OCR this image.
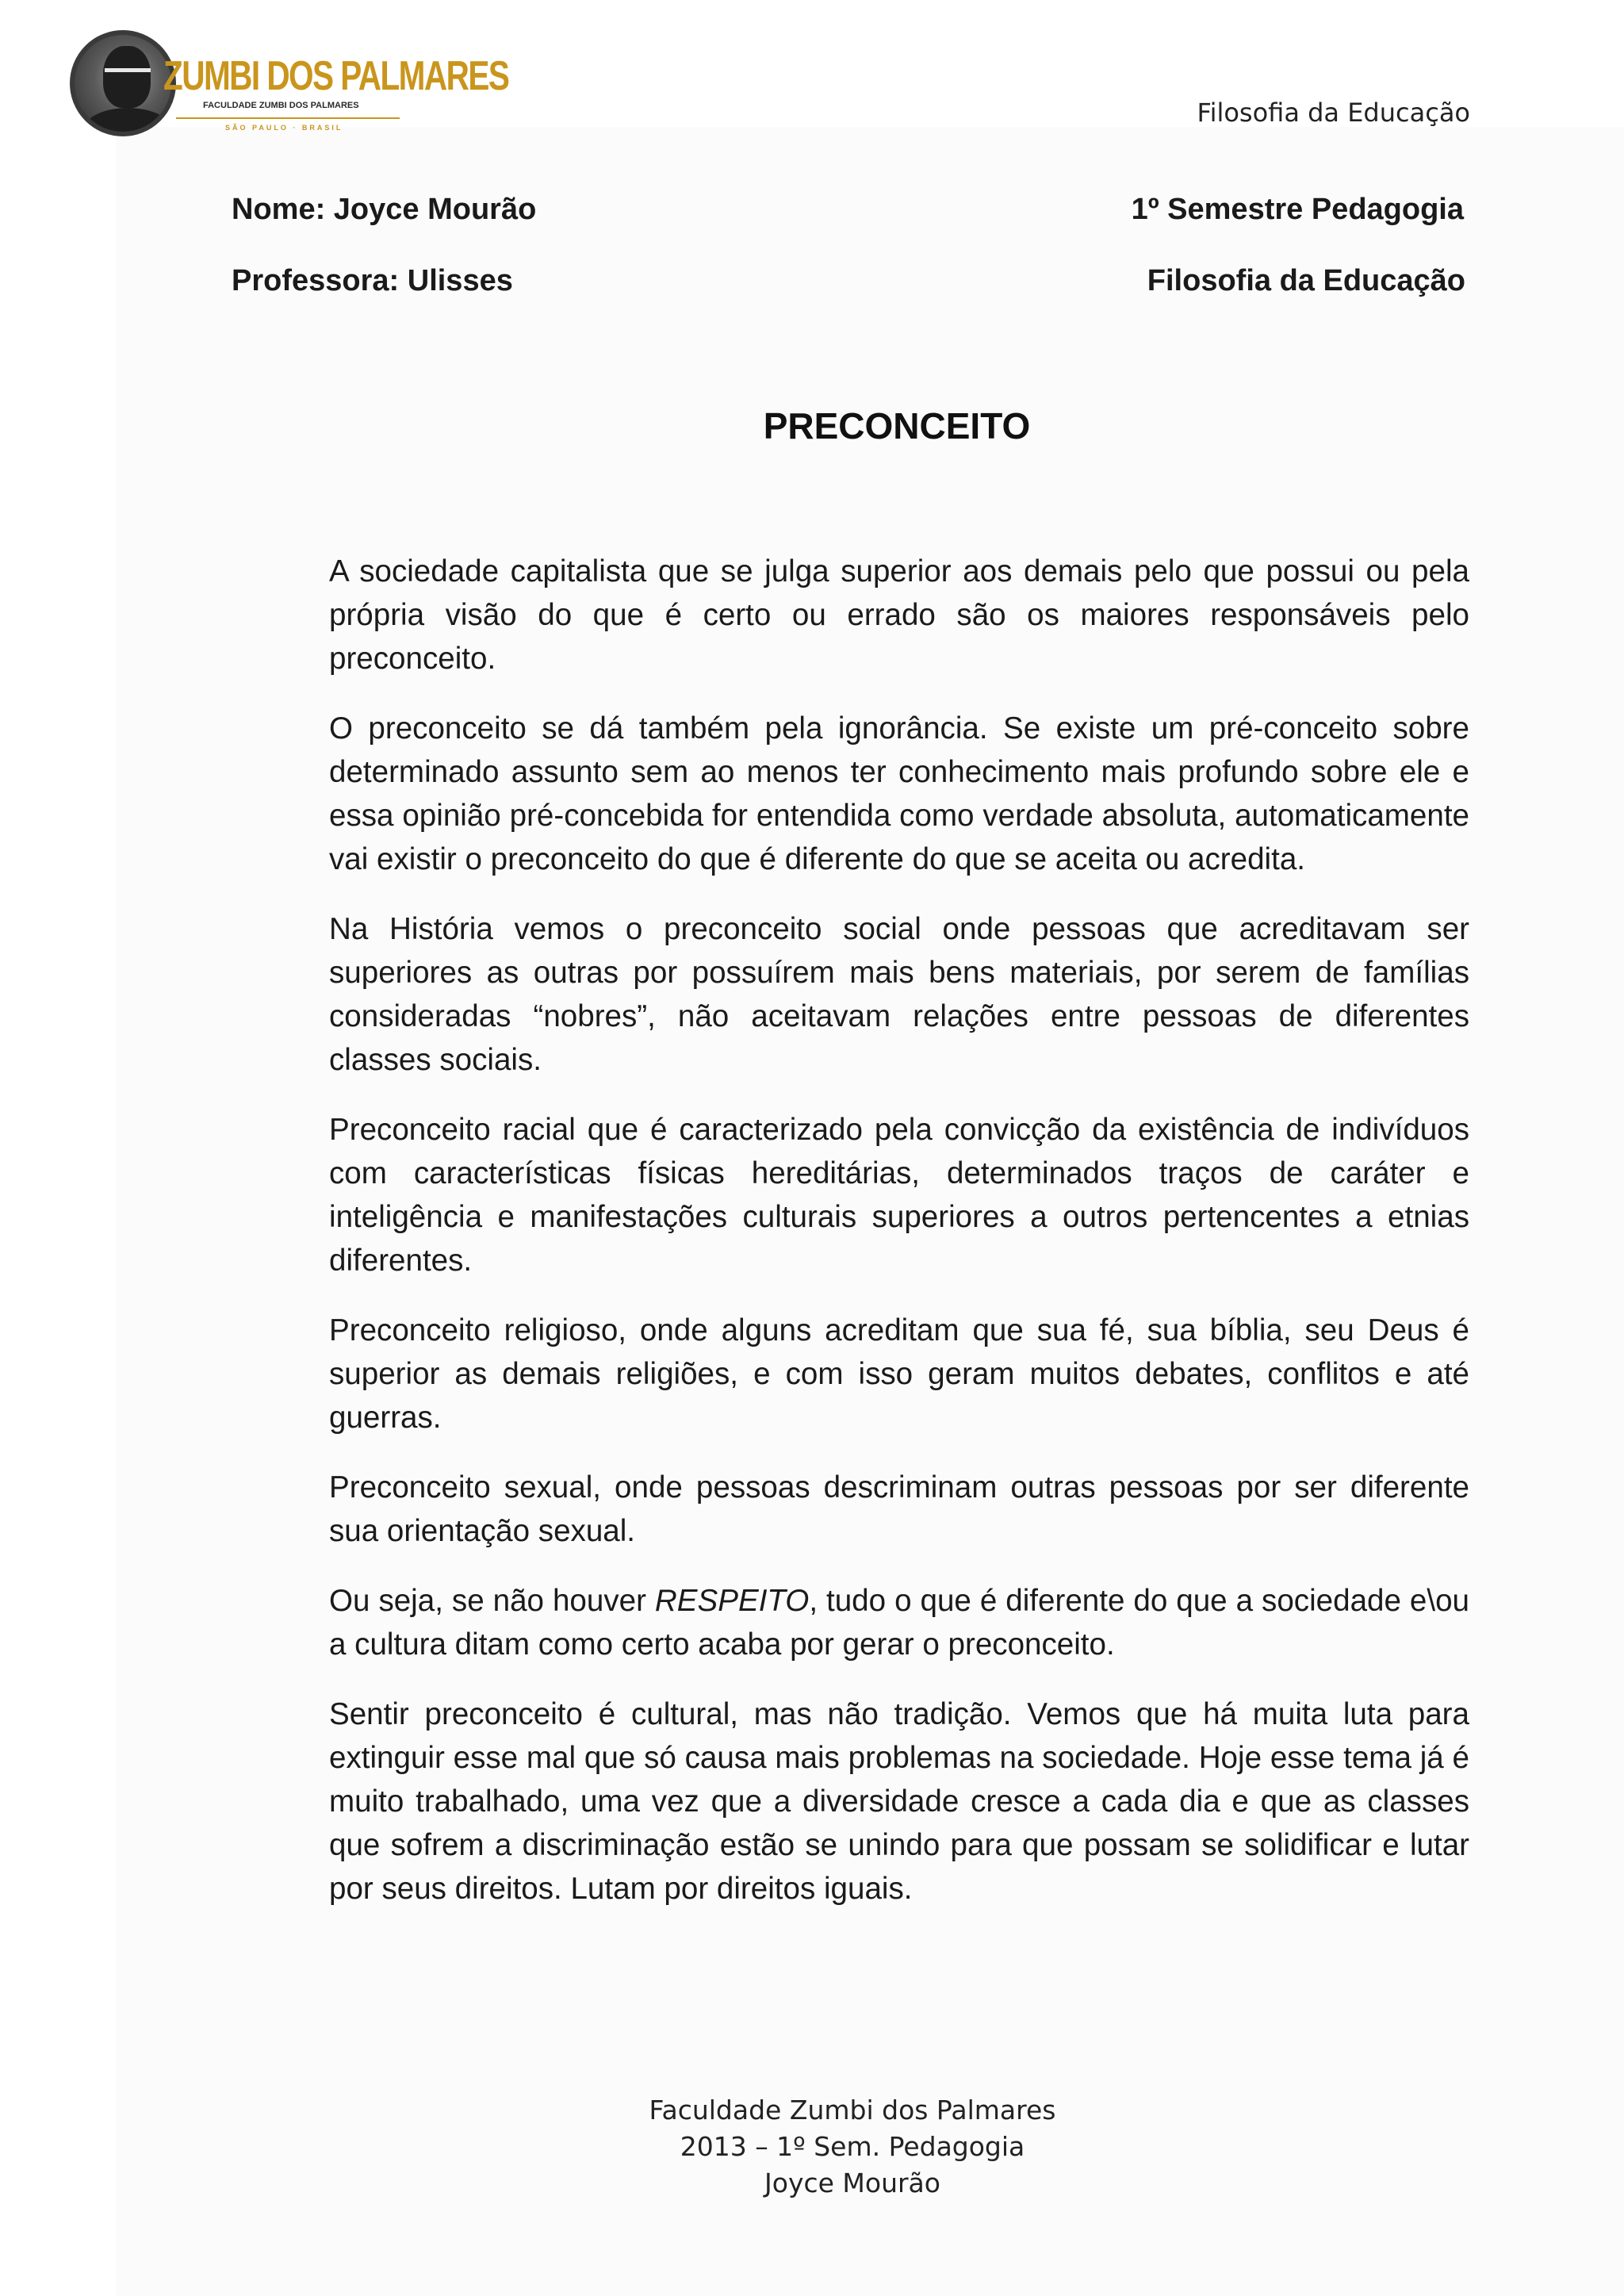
ZUMBI DOS PALMARES
FACULDADE ZUMBI DOS PALMARES
SÃO PAULO · BRASIL	Filosofia da Educação
Nome: Joyce Mourão
Professora: Ulisses
1º Semestre Pedagogia
Filosofia da Educação
PRECONCEITO

A sociedade capitalista que se julga superior aos demais pelo que possui ou pela própria visão do que é certo ou errado são os maiores responsáveis pelo preconceito.

O preconceito se dá também pela ignorância. Se existe um pré-conceito sobre determinado assunto sem ao menos ter conhecimento mais profundo sobre ele e essa opinião pré-concebida for entendida como verdade absoluta, automaticamente vai existir o preconceito do que é diferente do que se aceita ou acredita.

Na História vemos o preconceito social onde pessoas que acreditavam ser superiores as outras por possuírem mais bens materiais, por serem de famílias consideradas “nobres”, não aceitavam relações entre pessoas de diferentes classes sociais.

Preconceito racial que é caracterizado pela convicção da existência de indivíduos com características físicas hereditárias, determinados traços de caráter e inteligência e manifestações culturais superiores a outros pertencentes a etnias diferentes.

Preconceito religioso, onde alguns acreditam que sua fé, sua bíblia, seu Deus é superior as demais religiões, e com isso geram muitos debates, conflitos e até guerras.

Preconceito sexual, onde pessoas descriminam outras pessoas por ser diferente sua orientação sexual.

Ou seja, se não houver RESPEITO, tudo o que é diferente do que a sociedade e\ou a cultura ditam como certo acaba por gerar o preconceito.

Sentir preconceito é cultural, mas não tradição. Vemos que há muita luta para extinguir esse mal que só causa mais problemas na sociedade. Hoje esse tema já é muito trabalhado, uma vez que a diversidade cresce a cada dia e que as classes que sofrem a discriminação estão se unindo para que possam se solidificar e lutar por seus direitos. Lutam por direitos iguais.

Faculdade Zumbi dos Palmares
2013 – 1º Sem. Pedagogia
Joyce Mourão
